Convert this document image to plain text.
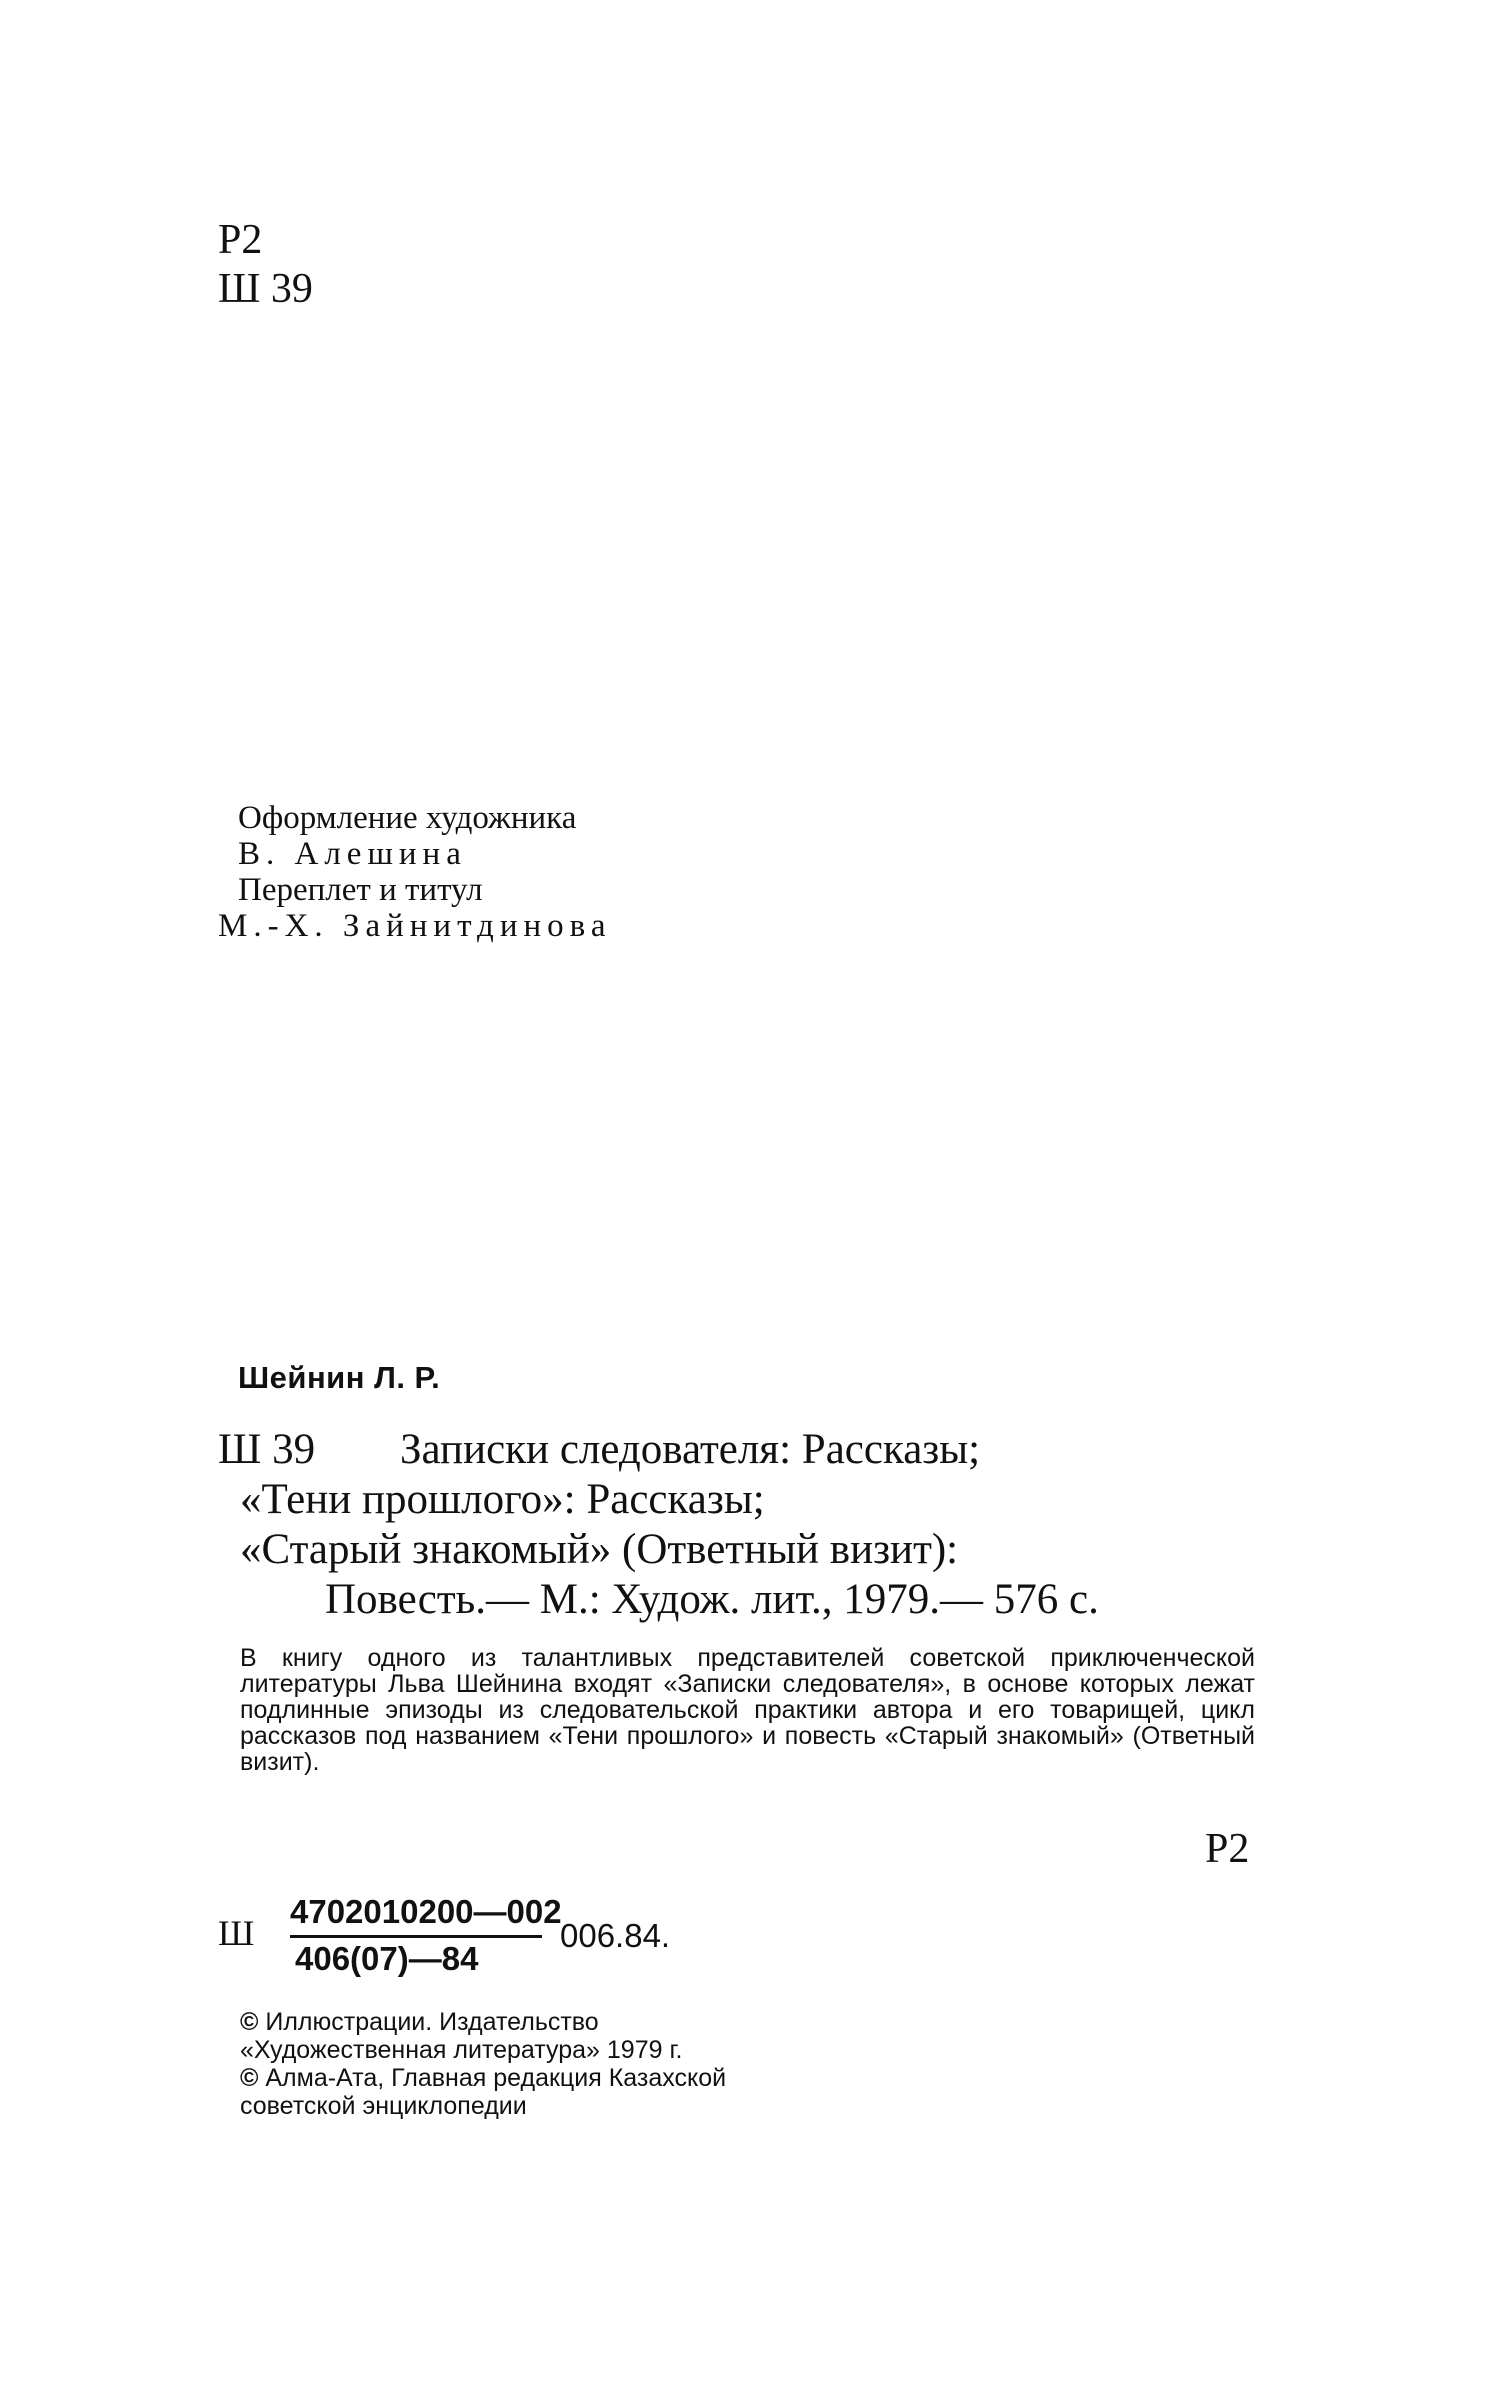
Р2
Ш 39
Оформление художника
В. Алешина
Переплет и титул
М.-Х. Зайнитдинова
Шейнин Л. Р.
Ш 39 Записки следователя: Рассказы;
«Тени прошлого»: Рассказы;
«Старый знакомый» (Ответный визит):
Повесть.— М.: Худож. лит., 1979.— 576 с.
В книгу одного из талантливых представителей советской приключенческой литературы Льва Шейнина входят «Записки следователя», в основе которых лежат подлинные эпизоды из следовательской практики автора и его товарищей, цикл рассказов под названием «Тени прошлого» и повесть «Старый знакомый» (Ответный визит).
Р2
Ш
4702010200—002
406(07)—84
006.84.
© Иллюстрации. Издательство
«Художественная литература» 1979 г.
© Алма-Ата, Главная редакция Казахской
советской энциклопедии
